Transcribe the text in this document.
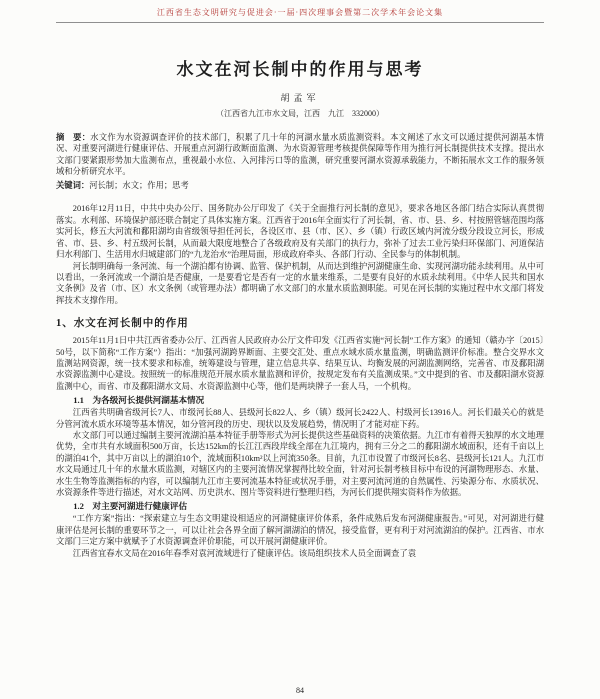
江西省生态文明研究与促进会·一届·四次理事会暨第二次学术年会论文集
水文在河长制中的作用与思考
胡孟军
（江西省九江市水文局，江西　九江　332000）

摘　要：水文作为水资源调查评价的技术部门，积累了几十年的河湖水量水质监测资料。本文阐述了水文可以通过提供河湖基本情况、对重要河湖进行健康评估、开展重点河湖行政断面监测、为水资源管理考核提供保障等作用为推行河长制提供技术支撑。提出水文部门要紧跟形势加大监测布点，重视最小水位、入河排污口等的监测，研究重要河湖水资源承载能力，不断拓展水文工作的服务领域和分析研究水平。

关键词：河长制；水文；作用；思考

2016年12月11日，中共中央办公厅、国务院办公厅印发了《关于全面推行河长制的意见》，要求各地区各部门结合实际认真贯彻落实。水利部、环境保护部还联合制定了具体实施方案。江西省于2016年全面实行了河长制，省、市、县、乡、村按照管辖范围均落实河长，修五大河流和鄱阳湖均由省级领导担任河长，各设区市、县（市、区）、乡（镇）行政区域内河流分级分段设立河长，形成省、市、县、乡、村五级河长制，从而最大限度地整合了各级政府及有关部门的执行力，弥补了过去工业污染归环保部门、河道保洁归水利部门、生活用水归城建部门的“九龙治水”治理局面，形成政府牵头、各部门行动、全民参与的体制机制。

河长制明确每一条河流、每一个湖泊都有协调、监管、保护机制，从而达到维护河湖健康生命、实现河湖功能永续利用。从中可以看出，一条河流或一个湖泊是否健康，一是要看它是否有一定的水量来维系，二是要有良好的水质永续利用。《中华人民共和国水文条例》及省（市、区）水文条例（或管理办法）都明确了水文部门的水量水质监测职能。可见在河长制的实施过程中水文部门将发挥技术支撑作用。

1、水文在河长制中的作用

2015年11月1日中共江西省委办公厅、江西省人民政府办公厅文件印发《江西省实施“河长制”工作方案》的通知（赣办字〔2015〕50号，以下简称“工作方案”）指出：“加强河湖跨界断面、主要交汇处、重点水域水质水量监测，明确监测评价标准。整合交界水文监测站网资源，统一技术要求和标准，统筹建设与管理，建立信息共享、结果互认、均衡发展的河湖监测网络，完善省、市及鄱阳湖水资源监测中心建设。按照统一的标准规范开展水质水量监测和评价，按规定发布有关监测成果。”文中提到的省、市及鄱阳湖水资源监测中心，而省、市及鄱阳湖水文局、水资源监测中心等，他们是两块牌子一套人马，一个机构。

1.1　为各级河长提供河湖基本情况

江西省共明确省级河长7人、市级河长88人、县级河长822人、乡（镇）级河长2422人、村级河长13916人。河长们最关心的就是分管河流水质水环境等基本情况，如分管河段的历史、现状以及发展趋势，情况明了才能对症下药。

水文部门可以通过编制主要河流湖泊基本特征手册等形式为河长提供这些基础资料的决策依据。九江市有着得天独厚的水文地理优势，全市共有水域面积500万亩，长达152km的长江江西段岸线全部在九江境内，拥有三分之二的鄱阳湖水域面积，还有千亩以上的湖泊41个，其中万亩以上的湖泊10个，流域面积10km²以上河流350条。目前，九江市设置了市级河长8名、县级河长121人。九江市水文局通过几十年的水量水质监测，对辖区内的主要河流情况掌握得比较全面，针对河长制考核目标中布设的河湖物理形态、水量、水生生物等监测指标的内容，可以编制九江市主要河流基本特征或状况手册，对主要河流河道的自然属性、污染源分布、水质状况、水资源条件等进行描述，对水文站网、历史洪水、图片等资料进行整理归档，为河长们提供翔实资料作为依据。

1.2　对主要河湖进行健康评估

“工作方案”指出：“探索建立与生态文明建设相适应的河湖健康评价体系，条件成熟后发布河湖健康报告。”可见，对河湖进行健康评估是河长制的重要环节之一，可以让社会各界全面了解河湖湖泊的情况，接受监督，更有利于对河流湖泊的保护。江西省、市水文部门三定方案中就赋予了水资源调查评价职能，可以开展河湖健康评价。

江西省宜春水文局在2016年春季对袁河流域进行了健康评估。该局组织技术人员全面调查了袁

84
